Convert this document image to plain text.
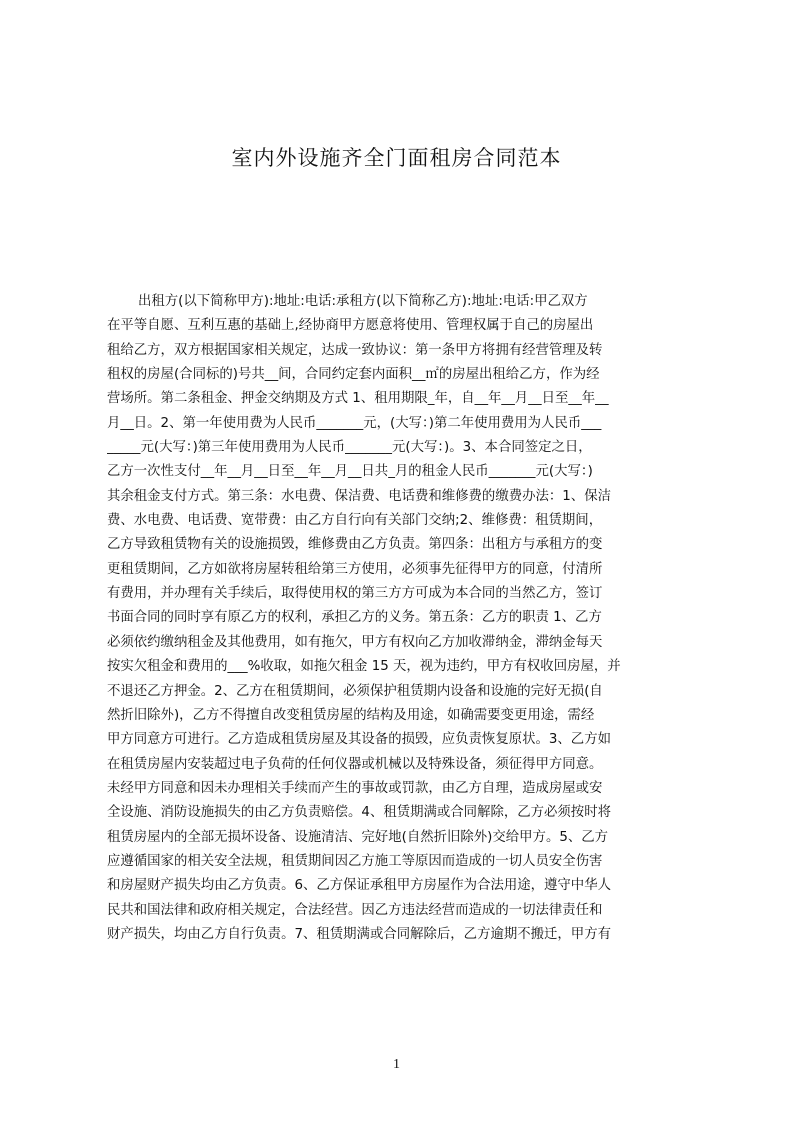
室内外设施齐全门面租房合同范本
出租方(以下简称甲方):地址:电话:承租方(以下简称乙方):地址:电话:甲乙双方
在平等自愿、互利互惠的基础上,经协商甲方愿意将使用、管理权属于自己的房屋出
租给乙方，双方根据国家相关规定，达成一致协议：第一条甲方将拥有经营管理及转
租权的房屋(合同标的)号共__间，合同约定套内面积__㎡的房屋出租给乙方，作为经
营场所。第二条租金、押金交纳期及方式 1、租用期限_年，自__年__月__日至__年__
月__日。2、第一年使用费为人民币_______元，(大写：)第二年使用费用为人民币___
_____元(大写：)第三年使用费用为人民币_______元(大写：)。3、本合同签定之日，
乙方一次性支付__年__月__日至__年__月__日共_月的租金人民币_______元(大写：)
其余租金支付方式。第三条：水电费、保洁费、电话费和维修费的缴费办法：1、保洁
费、水电费、电话费、宽带费：由乙方自行向有关部门交纳;2、维修费：租赁期间，
乙方导致租赁物有关的设施损毁，维修费由乙方负责。第四条：出租方与承租方的变
更租赁期间，乙方如欲将房屋转租给第三方使用，必须事先征得甲方的同意，付清所
有费用，并办理有关手续后，取得使用权的第三方方可成为本合同的当然乙方，签订
书面合同的同时享有原乙方的权利，承担乙方的义务。第五条：乙方的职责 1、乙方
必须依约缴纳租金及其他费用，如有拖欠，甲方有权向乙方加收滞纳金，滞纳金每天
按实欠租金和费用的___%收取，如拖欠租金 15 天，视为违约，甲方有权收回房屋，并
不退还乙方押金。2、乙方在租赁期间，必须保护租赁期内设备和设施的完好无损(自
然折旧除外)，乙方不得擅自改变租赁房屋的结构及用途，如确需要变更用途，需经
甲方同意方可进行。乙方造成租赁房屋及其设备的损毁，应负责恢复原状。3、乙方如
在租赁房屋内安装超过电子负荷的任何仪器或机械以及特殊设备，须征得甲方同意。
未经甲方同意和因未办理相关手续而产生的事故或罚款，由乙方自理，造成房屋或安
全设施、消防设施损失的由乙方负责赔偿。4、租赁期满或合同解除，乙方必须按时将
租赁房屋内的全部无损坏设备、设施清洁、完好地(自然折旧除外)交给甲方。5、乙方
应遵循国家的相关安全法规，租赁期间因乙方施工等原因而造成的一切人员安全伤害
和房屋财产损失均由乙方负责。6、乙方保证承租甲方房屋作为合法用途，遵守中华人
民共和国法律和政府相关规定，合法经营。因乙方违法经营而造成的一切法律责任和
财产损失，均由乙方自行负责。7、租赁期满或合同解除后，乙方逾期不搬迁，甲方有
1
